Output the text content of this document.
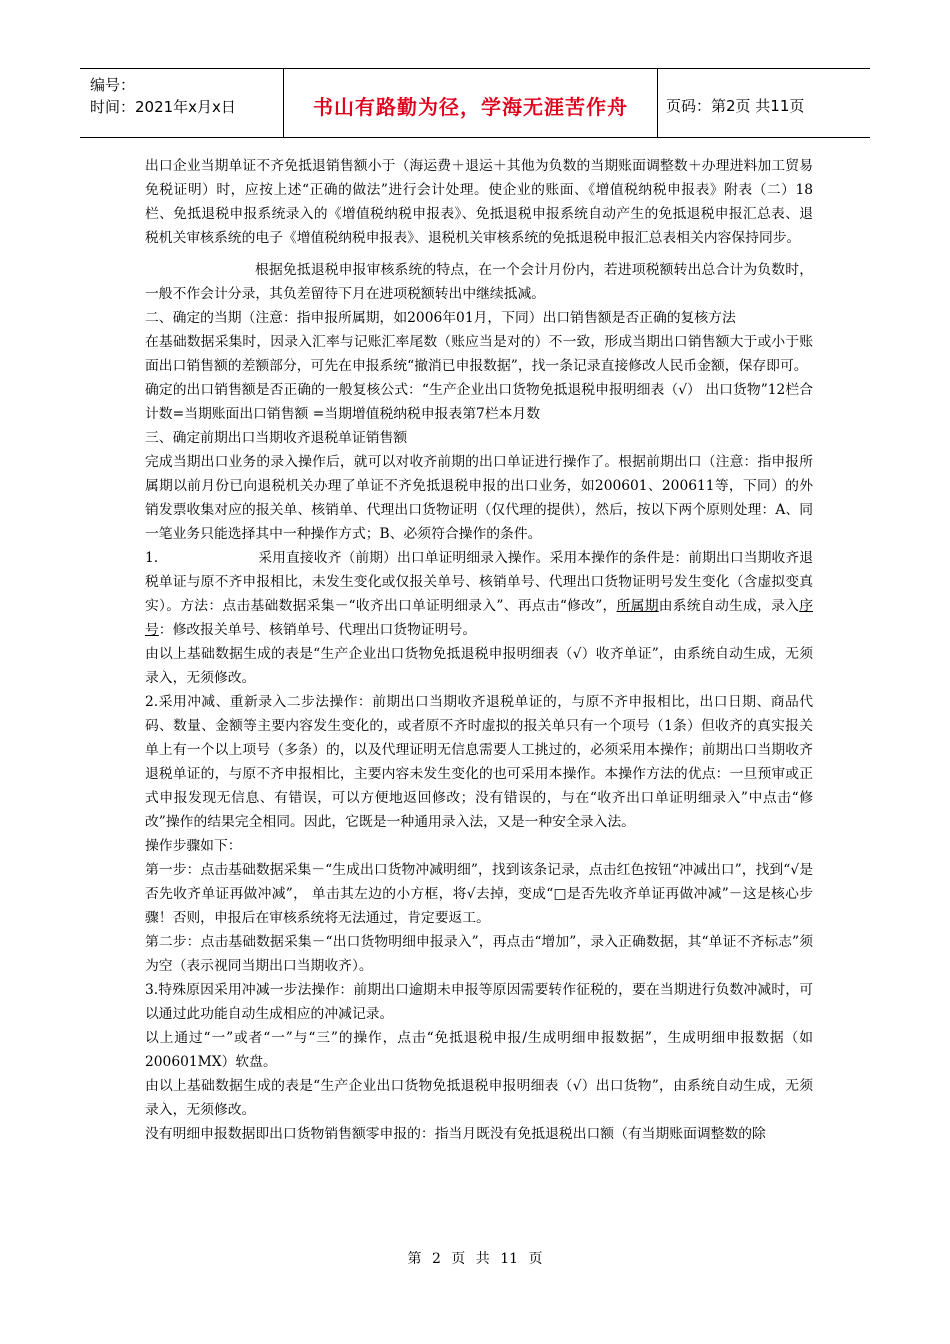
编号：
时间：2021年x月x日	书山有路勤为径，学海无涯苦作舟	页码：第2页 共11页

出口企业当期单证不齐免抵退销售额小于（海运费＋退运＋其他为负数的当期账面调整数＋办理进料加工贸易免税证明）时，应按上述“正确的做法”进行会计处理。使企业的账面、《增值税纳税申报表》附表（二）18栏、免抵退税申报系统录入的《增值税纳税申报表》、免抵退税申报系统自动产生的免抵退税申报汇总表、退税机关审核系统的电子《增值税纳税申报表》、退税机关审核系统的免抵退税申报汇总表相关内容保持同步。

根据免抵退税申报审核系统的特点，在一个会计月份内，若进项税额转出总合计为负数时，一般不作会计分录，其负差留待下月在进项税额转出中继续抵减。

二、确定的当期（注意：指申报所属期，如2006年01月，下同）出口销售额是否正确的复核方法

在基础数据采集时，因录入汇率与记账汇率尾数（账应当是对的）不一致，形成当期出口销售额大于或小于账面出口销售额的差额部分，可先在申报系统“撤消已申报数据”，找一条记录直接修改人民币金额，保存即可。

确定的出口销售额是否正确的一般复核公式：“生产企业出口货物免抵退税申报明细表（√） 出口货物”12栏合计数=当期账面出口销售额 =当期增值税纳税申报表第7栏本月数

三、确定前期出口当期收齐退税单证销售额

完成当期出口业务的录入操作后，就可以对收齐前期的出口单证进行操作了。根据前期出口（注意：指申报所属期以前月份已向退税机关办理了单证不齐免抵退税申报的出口业务，如200601、200611等，下同）的外销发票收集对应的报关单、核销单、代理出口货物证明（仅代理的提供），然后，按以下两个原则处理：A、同一笔业务只能选择其中一种操作方式；B、必须符合操作的条件。

1.	采用直接收齐（前期）出口单证明细录入操作。采用本操作的条件是：前期出口当期收齐退税单证与原不齐申报相比，未发生变化或仅报关单号、核销单号、代理出口货物证明号发生变化（含虚拟变真实）。方法：点击基础数据采集－“收齐出口单证明细录入”、再点击“修改”，所属期由系统自动生成，录入序号：修改报关单号、核销单号、代理出口货物证明号。

由以上基础数据生成的表是“生产企业出口货物免抵退税申报明细表（√）收齐单证”，由系统自动生成，无须录入，无须修改。

2.采用冲减、重新录入二步法操作：前期出口当期收齐退税单证的，与原不齐申报相比，出口日期、商品代码、数量、金额等主要内容发生变化的，或者原不齐时虚拟的报关单只有一个项号（1条）但收齐的真实报关单上有一个以上项号（多条）的，以及代理证明无信息需要人工挑过的，必须采用本操作；前期出口当期收齐退税单证的，与原不齐申报相比，主要内容未发生变化的也可采用本操作。本操作方法的优点：一旦预审或正式申报发现无信息、有错误，可以方便地返回修改；没有错误的，与在“收齐出口单证明细录入”中点击“修改”操作的结果完全相同。因此，它既是一种通用录入法，又是一种安全录入法。

操作步骤如下：

第一步：点击基础数据采集－“生成出口货物冲减明细”，找到该条记录，点击红色按钮“冲减出口”，找到“√是否先收齐单证再做冲减”， 单击其左边的小方框，将√去掉，变成“□是否先收齐单证再做冲减”－这是核心步骤！否则，申报后在审核系统将无法通过，肯定要返工。

第二步：点击基础数据采集－“出口货物明细申报录入”，再点击“增加”，录入正确数据，其“单证不齐标志”须为空（表示视同当期出口当期收齐）。

3.特殊原因采用冲减一步法操作：前期出口逾期未申报等原因需要转作征税的，要在当期进行负数冲减时，可以通过此功能自动生成相应的冲减记录。

以上通过“一”或者“一”与“三”的操作，点击“免抵退税申报/生成明细申报数据”，生成明细申报数据（如200601MX）软盘。

由以上基础数据生成的表是“生产企业出口货物免抵退税申报明细表（√）出口货物”，由系统自动生成，无须录入，无须修改。

没有明细申报数据即出口货物销售额零申报的：指当月既没有免抵退税出口额（有当期账面调整数的除

第 2 页 共 11 页
